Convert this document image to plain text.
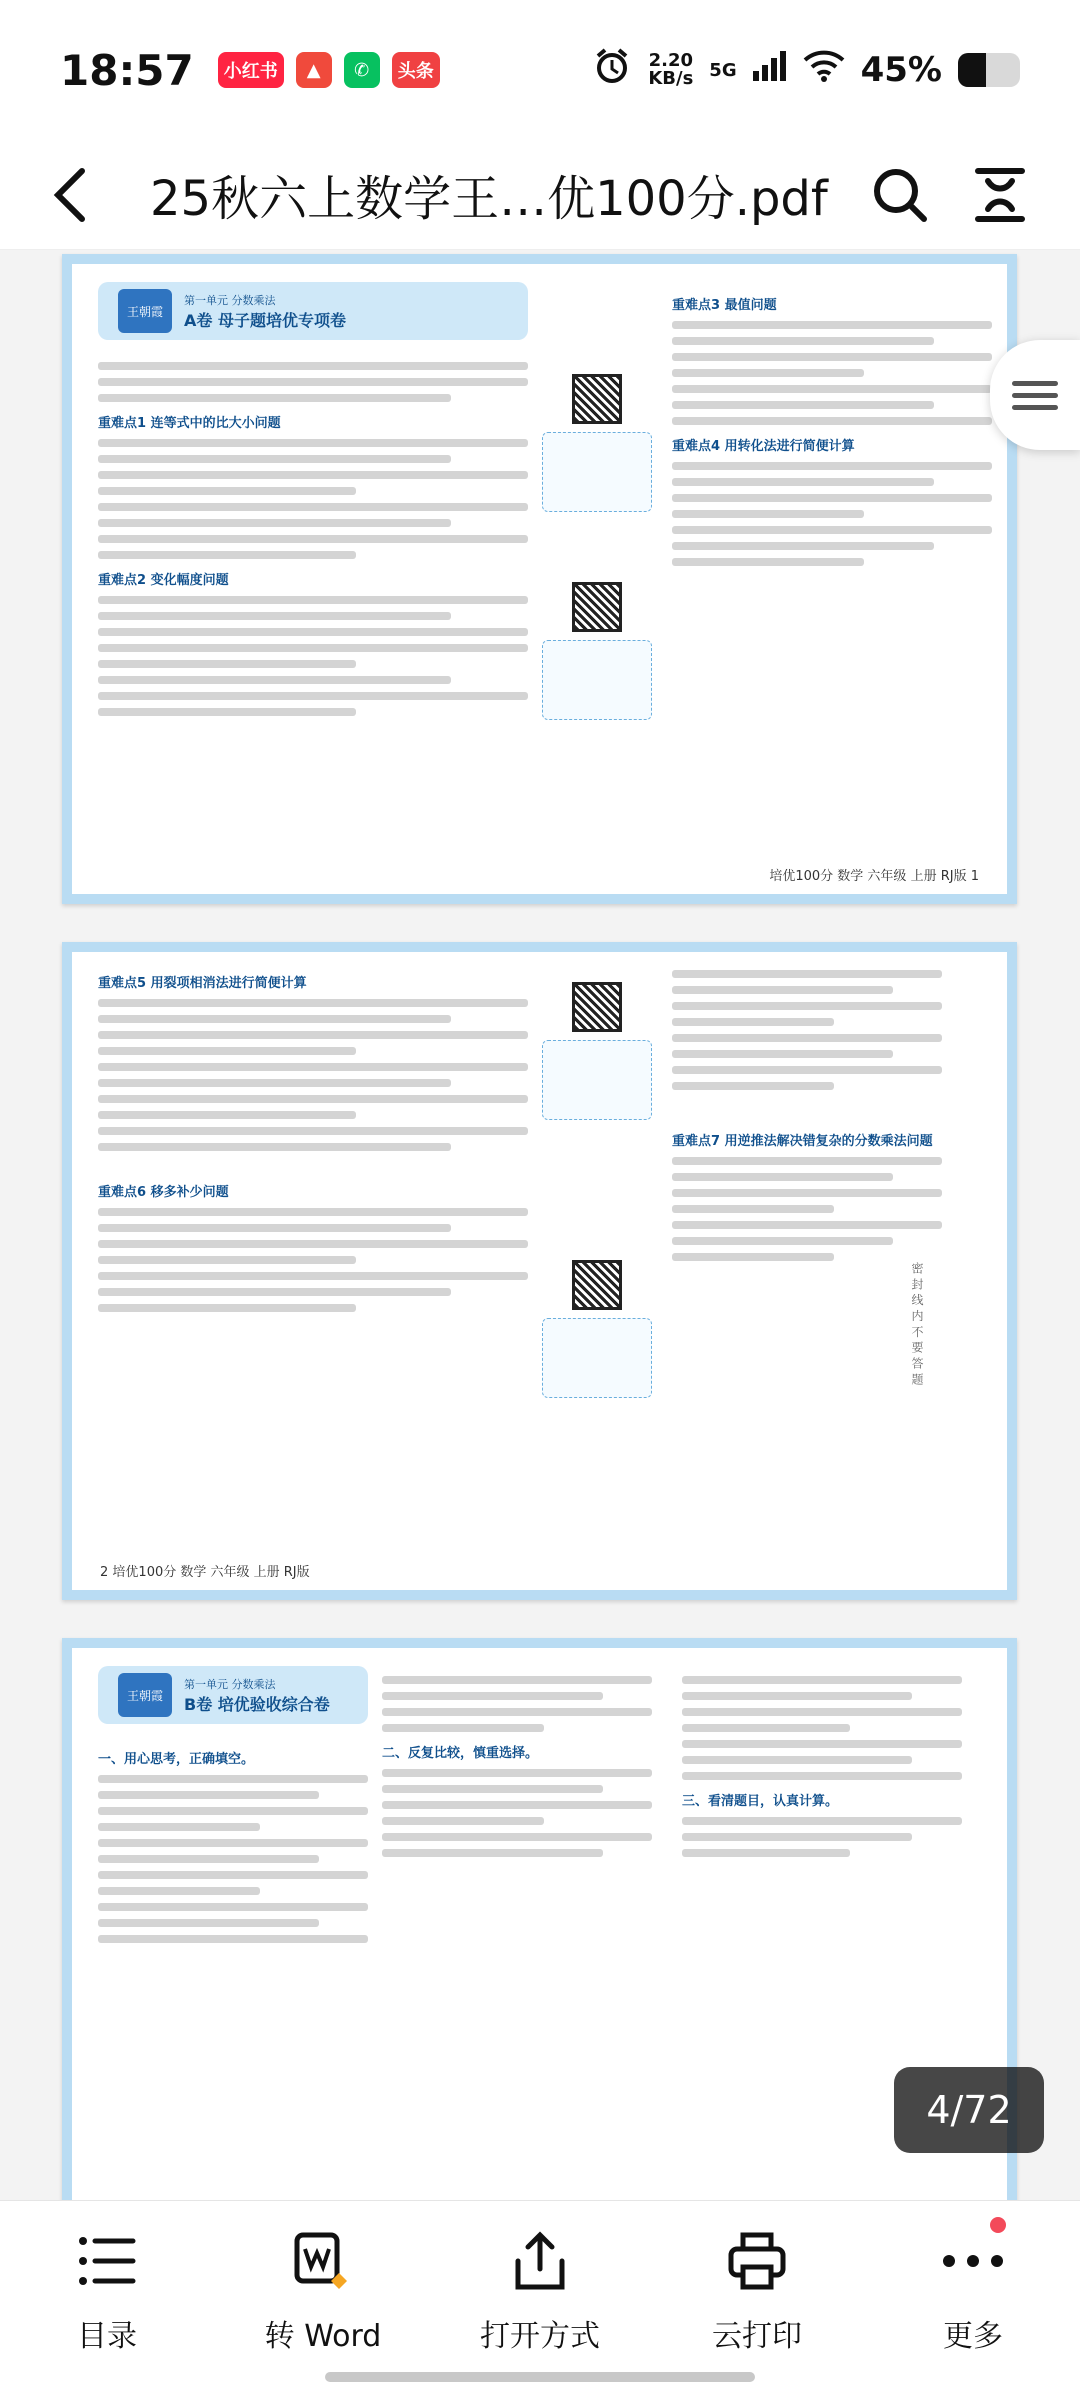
18:57	小红书	▲	✆	头条
2.20
KB/s 5G	45%
25秋六上数学王…优100分.pdf
王朝霞
第一单元 分数乘法
A卷 母子题培优专项卷
重难点1 连等式中的比大小问题
重难点2 变化幅度问题
重难点3 最值问题
重难点4 用转化法进行简便计算
培优100分 数学 六年级 上册 RJ版 1
重难点5 用裂项相消法进行简便计算
重难点6 移多补少问题
重难点7 用逆推法解决错复杂的分数乘法问题
密 封 线 内 不 要 答 题
2 培优100分 数学 六年级 上册 RJ版
王朝霞
第一单元 分数乘法
B卷 培优验收综合卷
一、用心思考，正确填空。	二、反复比较，慎重选择。
三、看清题目，认真计算。
4/72
目录	转 Word	打开方式	云打印	更多
